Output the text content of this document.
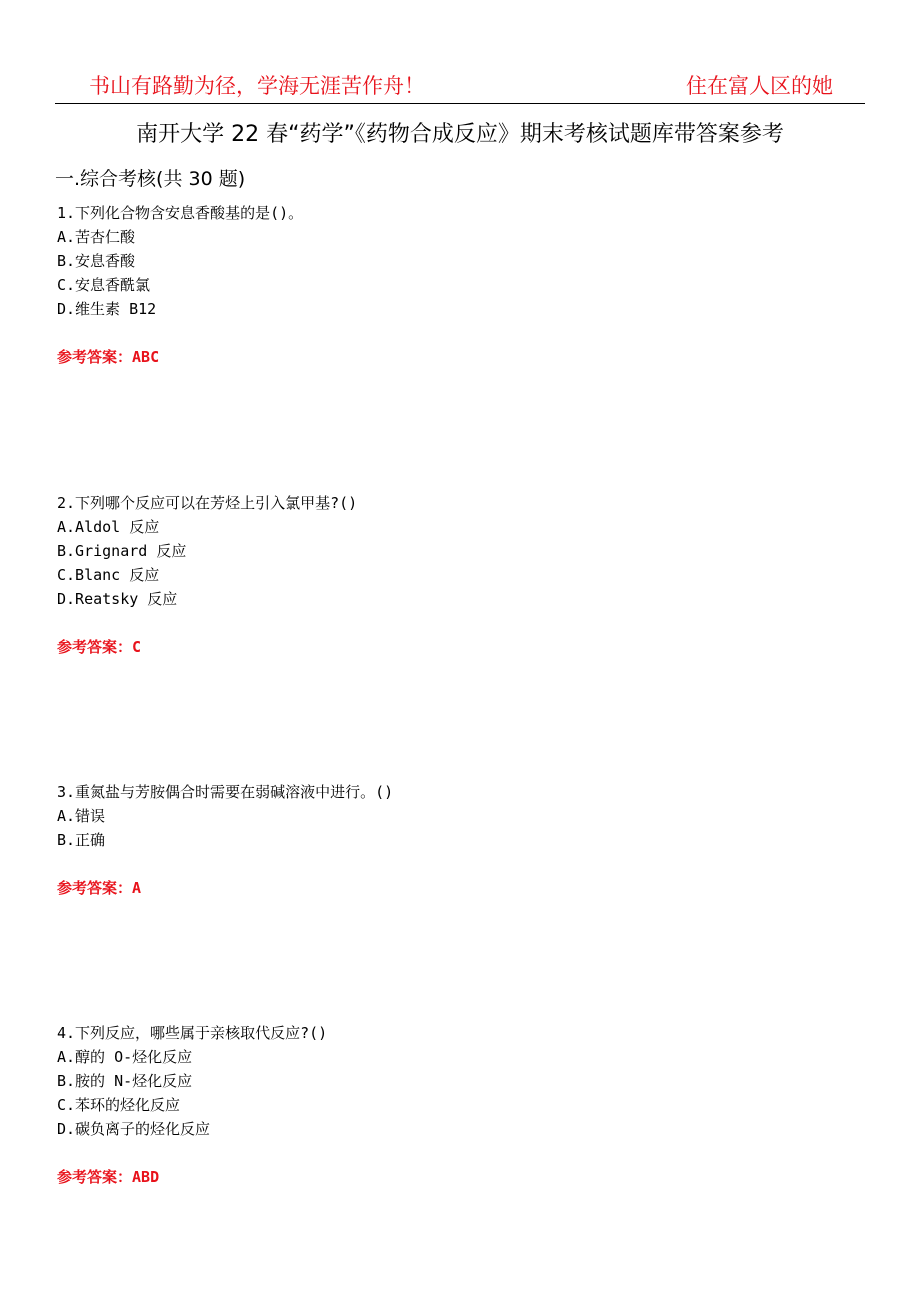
书山有路勤为径，学海无涯苦作舟！	住在富人区的她
南开大学 22 春“药学”《药物合成反应》期末考核试题库带答案参考
一.综合考核(共 30 题)
1.下列化合物含安息香酸基的是()。
A.苦杏仁酸
B.安息香酸
C.安息香酰氯
D.维生素 B12
参考答案：ABC
2.下列哪个反应可以在芳烃上引入氯甲基?()
A.Aldol 反应
B.Grignard 反应
C.Blanc 反应
D.Reatsky 反应
参考答案：C
3.重氮盐与芳胺偶合时需要在弱碱溶液中进行。()
A.错误
B.正确
参考答案：A
4.下列反应，哪些属于亲核取代反应?()
A.醇的 O-烃化反应
B.胺的 N-烃化反应
C.苯环的烃化反应
D.碳负离子的烃化反应
参考答案：ABD
